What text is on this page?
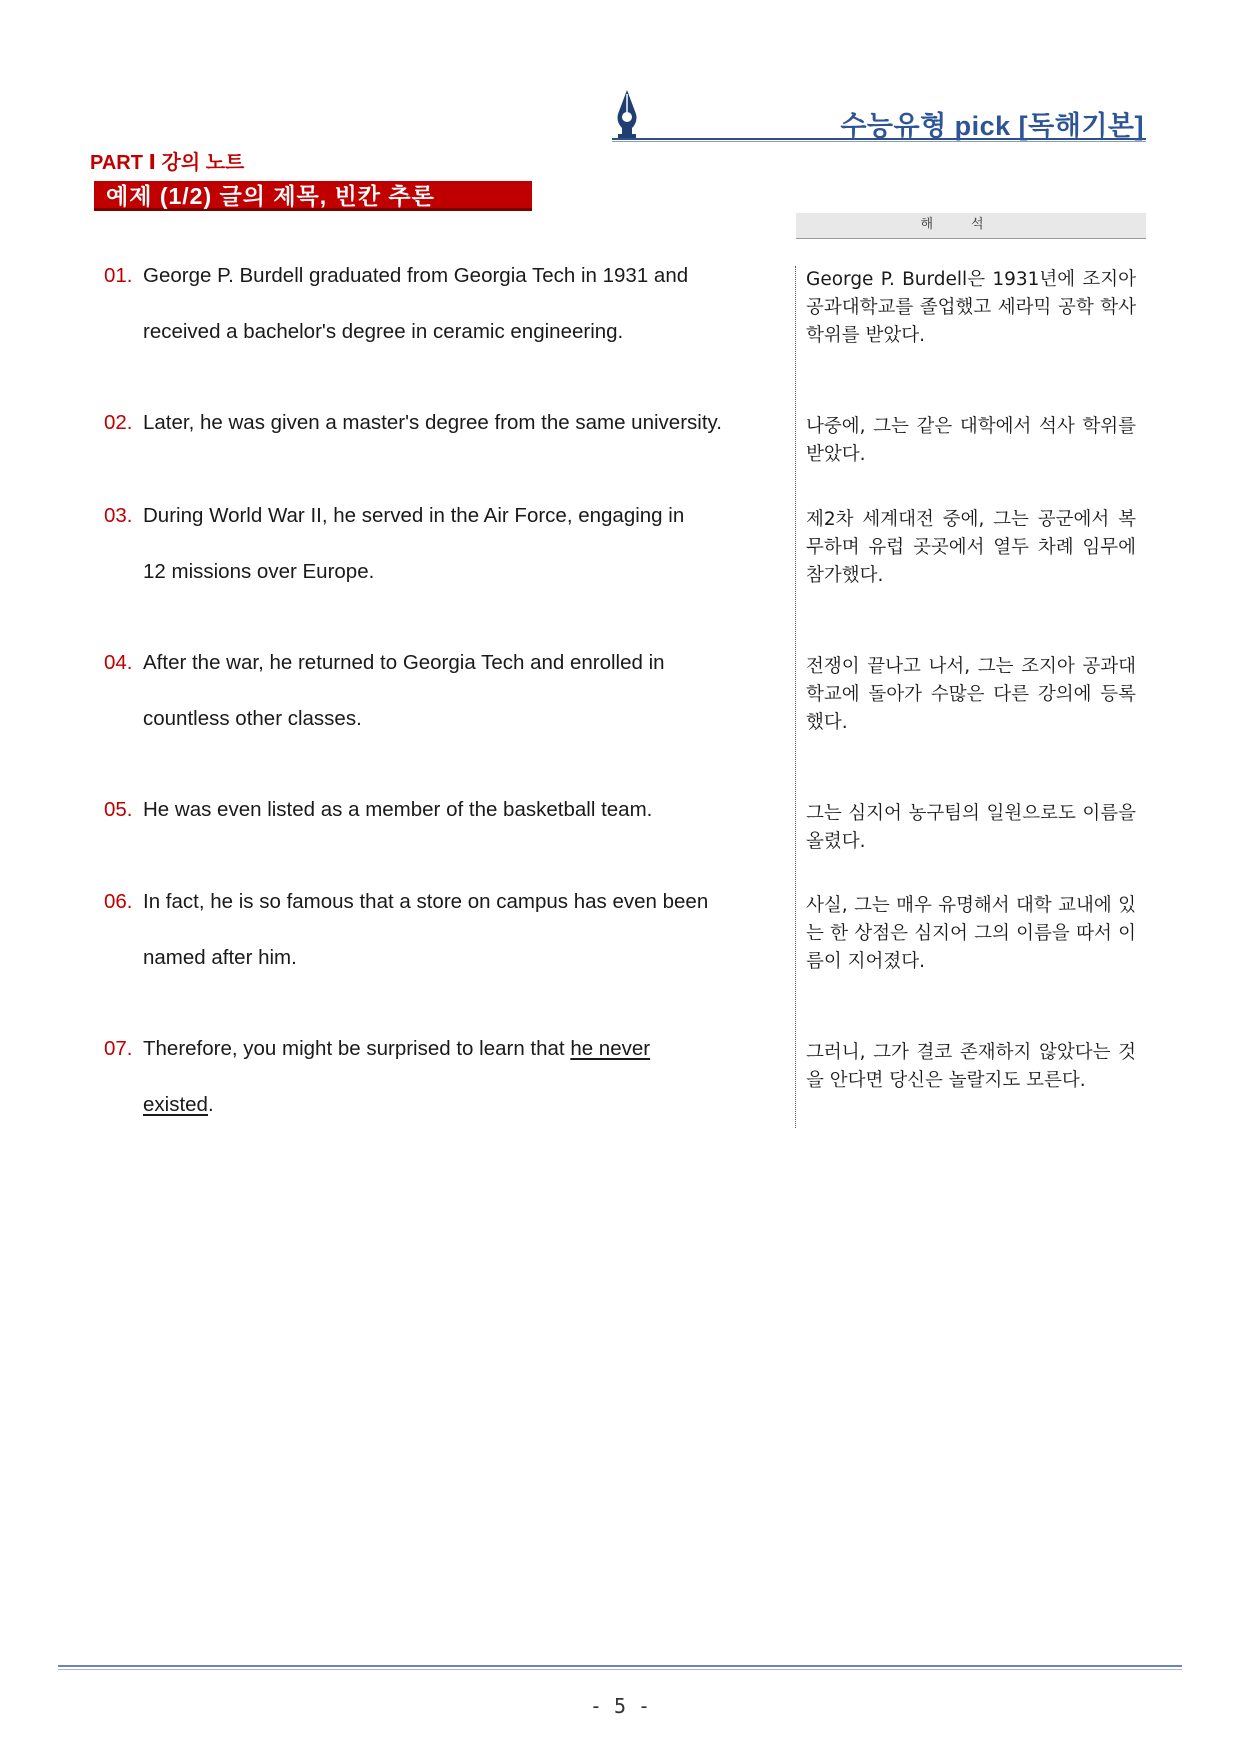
수능유형 pick [독해기본]
PART Ⅰ 강의 노트
예제 (1/2) 글의 제목, 빈칸 추론
해석
01. George P. Burdell graduated from Georgia Tech in 1931 and
received a bachelor's degree in ceramic engineering.
George P. Burdell은 1931년에 조지아 공과대학교를 졸업했고 세라믹 공학 학사 학위를 받았다.
02. Later, he was given a master's degree from the same university.	나중에, 그는 같은 대학에서 석사 학위를 받았다.
03. During World War II, he served in the Air Force, engaging in
12 missions over Europe.
제2차 세계대전 중에, 그는 공군에서 복무하며 유럽 곳곳에서 열두 차례 임무에 참가했다.
04. After the war, he returned to Georgia Tech and enrolled in
countless other classes.
전쟁이 끝나고 나서, 그는 조지아 공과대학교에 돌아가 수많은 다른 강의에 등록했다.
05. He was even listed as a member of the basketball team.	그는 심지어 농구팀의 일원으로도 이름을 올렸다.
06. In fact, he is so famous that a store on campus has even been
named after him.
사실, 그는 매우 유명해서 대학 교내에 있는 한 상점은 심지어 그의 이름을 따서 이름이 지어졌다.
07. Therefore, you might be surprised to learn that he never
existed.
그러니, 그가 결코 존재하지 않았다는 것을 안다면 당신은 놀랄지도 모른다.
- 5 -
